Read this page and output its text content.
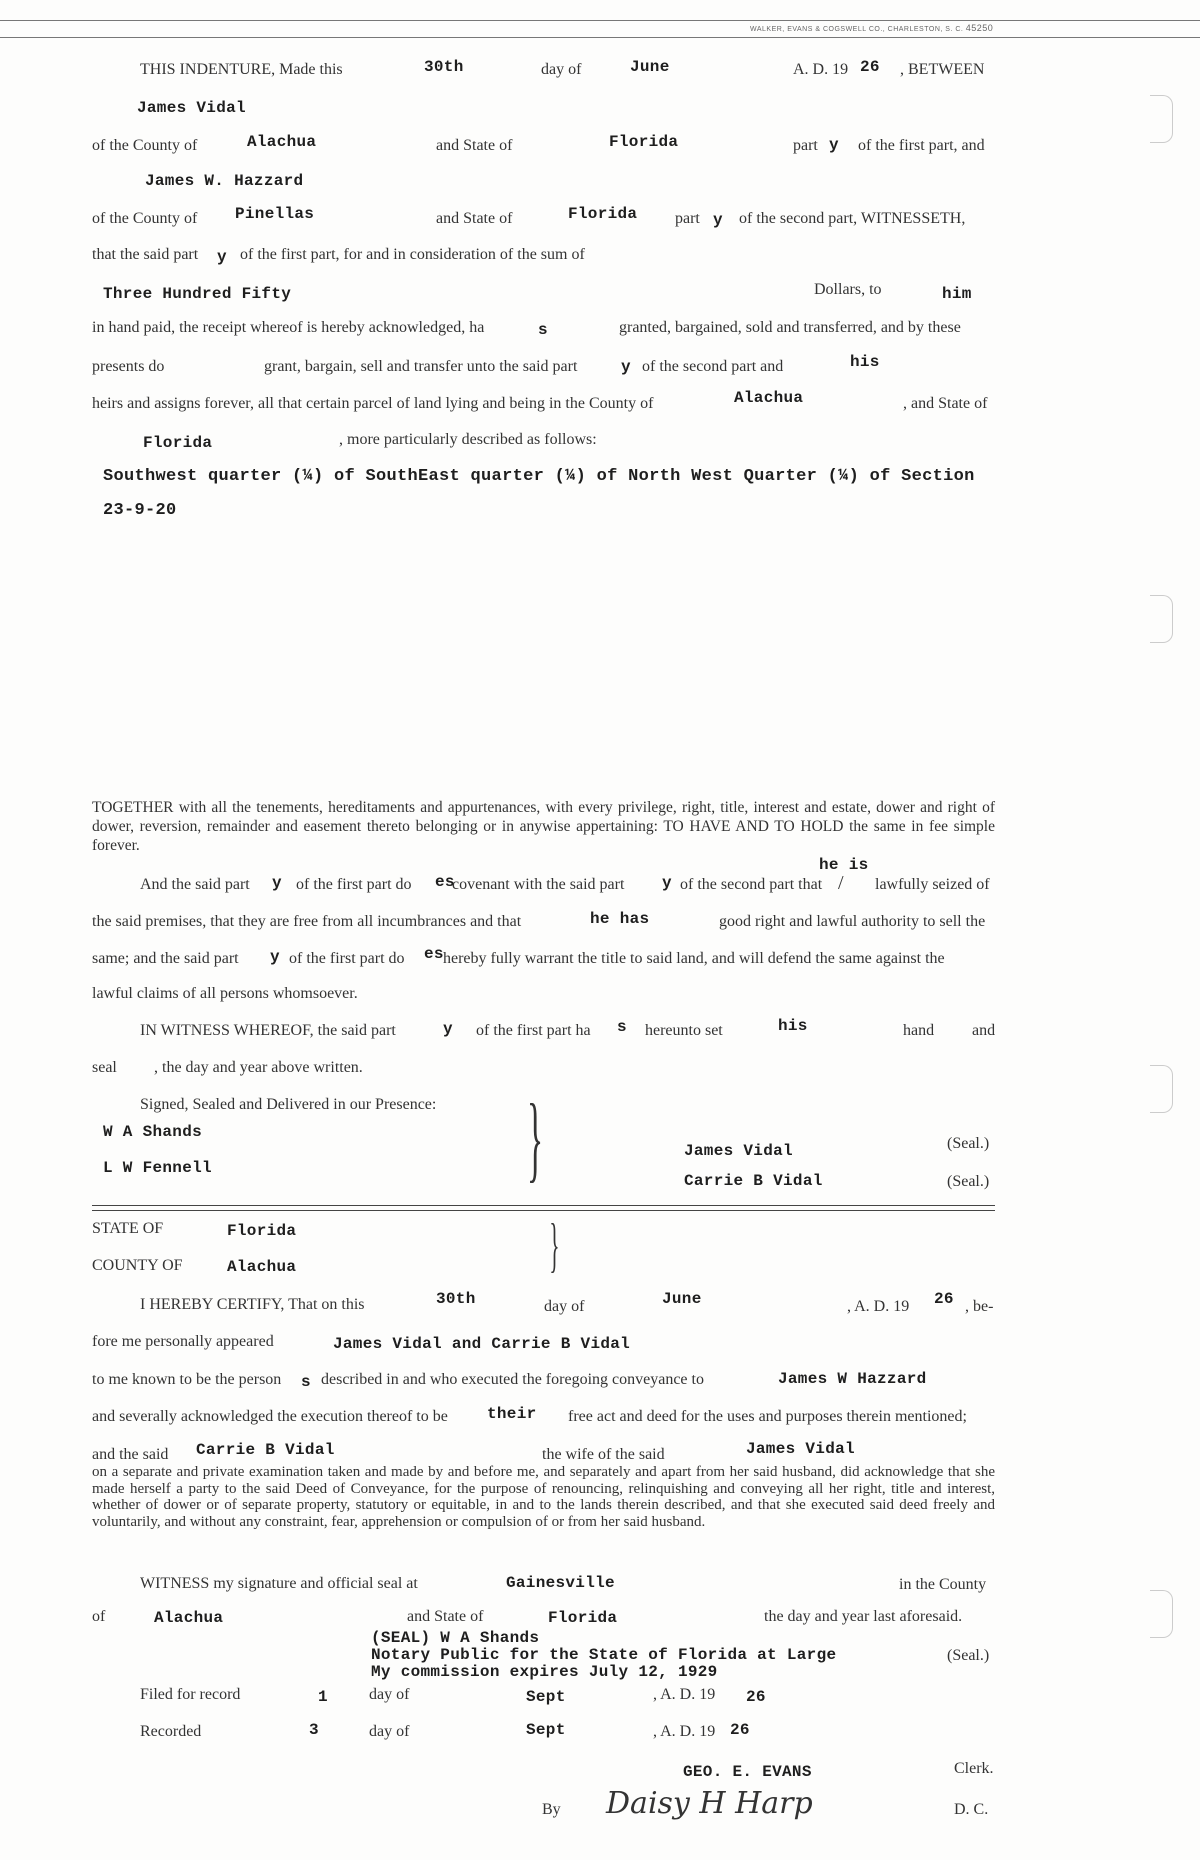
WALKER, EVANS & COGSWELL CO., CHARLESTON, S. C. 45250
THIS INDENTURE, Made this	30th	day of	June	A. D. 19 26 , BETWEEN
James Vidal
of the County of	Alachua	and State of	Florida	part y of the first part, and
James W. Hazzard
of the County of Pinellas	and State of	Florida part y of the second part, WITNESSETH,
that the said part y of the first part, for and in consideration of the sum of
Three Hundred Fifty	Dollars, to	him
in hand paid, the receipt whereof is hereby acknowledged, ha	s	granted, bargained, sold and transferred, and by these
presents do	grant, bargain, sell and transfer unto the said part	y of the second part and	his
heirs and assigns forever, all that certain parcel of land lying and being in the County of	Alachua	, and State of
Florida	, more particularly described as follows:
Southwest quarter (¼) of SouthEast quarter (¼) of North West Quarter (¼) of Section
23-9-20
TOGETHER with all the tenements, hereditaments and appurtenances, with every privilege, right, title, interest and estate, dower and right of dower, reversion, remainder and easement thereto belonging or in anywise appertaining: TO HAVE AND TO HOLD the same in fee simple forever.
he is
And the said part y of the first part do es
covenant with the said part y of the second part that / lawfully seized of
the said premises, that they are free from all incumbrances and that	he has	good right and lawful authority to sell the
same; and the said part y of the first part do es hereby fully warrant the title to said land, and will defend the same against the
lawful claims of all persons whomsoever.
IN WITNESS WHEREOF, the said part	y of the first part ha s hereunto set	his	hand and
seal , the day and year above written.
Signed, Sealed and Delivered in our Presence:
W A Shands
L W Fennell	}	James Vidal	(Seal.)
Carrie B Vidal	(Seal.)
STATE OF	Florida
COUNTY OF	Alachua	}
I HEREBY CERTIFY, That on this	30th	day of	June	, A. D. 19 26 , be-
fore me personally appeared	James Vidal and Carrie B Vidal
to me known to be the person s described in and who executed the foregoing conveyance to	James W Hazzard
and severally acknowledged the execution thereof to be their free act and deed for the uses and purposes therein mentioned;
and the said Carrie B Vidal	the wife of the said	James Vidal
on a separate and private examination taken and made by and before me, and separately and apart from her said husband, did acknowledge that she made herself a party to the said Deed of Conveyance, for the purpose of renouncing, relinquishing and conveying all her right, title and interest, whether of dower or of separate property, statutory or equitable, in and to the lands therein described, and that she executed said deed freely and voluntarily, and without any constraint, fear, apprehension or compulsion of or from her said husband.
WITNESS my signature and official seal at	Gainesville	in the County
of	Alachua	and State of	Florida	the day and year last aforesaid.
(SEAL) W A Shands
Notary Public for the State of Florida at Large	(Seal.)
My commission expires July 12, 1929
Filed for record	1	day of	Sept	, A. D. 19 26
Recorded	3	day of	Sept	, A. D. 19 26
GEO. E. EVANS	Clerk.
By Daisy H Harp	D. C.
